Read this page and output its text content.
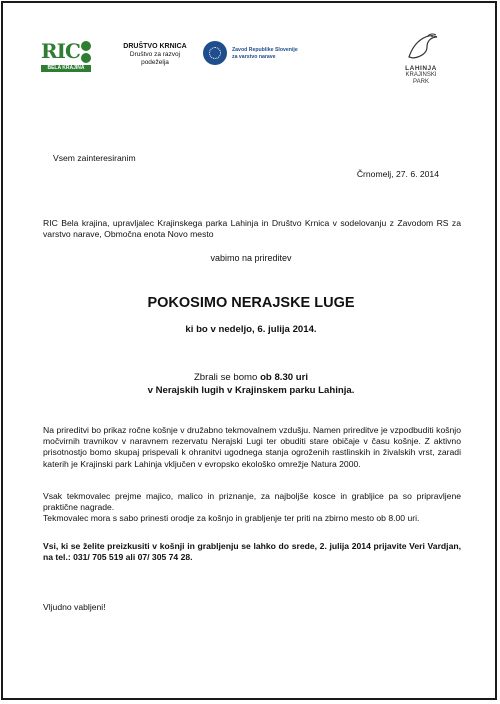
RIC
BELA KRAJINA
DRUŠTVO KRNICA
Društvo za razvoj
podeželja
Zavod Republike Slovenije
za varstvo narave
LAHINJA
KRAJINSKI
PARK
Vsem zainteresiranim
Črnomelj, 27. 6. 2014
RIC Bela krajina, upravljalec Krajinskega parka Lahinja in Društvo Krnica v sodelovanju z Zavodom RS za varstvo narave, Območna enota Novo mesto
vabimo na prireditev
POKOSIMO NERAJSKE LUGE
ki bo v nedeljo, 6. julija 2014.
Zbrali se bomo ob 8.30 uri
v Nerajskih lugih v Krajinskem parku Lahinja.
Na prireditvi bo prikaz ročne košnje v družabno tekmovalnem vzdušju. Namen prireditve je vzpodbuditi košnjo močvirnih travnikov v naravnem rezervatu Nerajski Lugi ter obuditi stare običaje v času košnje. Z aktivno prisotnostjo bomo skupaj prispevali k ohranitvi ugodnega stanja ogroženih rastlinskih in živalskih vrst, zaradi katerih je Krajinski park Lahinja vključen v evropsko ekološko omrežje Natura 2000.
Vsak tekmovalec prejme majico, malico in priznanje, za najboljše kosce in grabljice pa so pripravljene praktične nagrade.
Tekmovalec mora s sabo prinesti orodje za košnjo in grabljenje ter priti na zbirno mesto ob 8.00 uri.
Vsi, ki se želite preizkusiti v košnji in grabljenju se lahko do srede, 2. julija 2014 prijavite Veri Vardjan, na tel.: 031/ 705 519 ali 07/ 305 74 28.
Vljudno vabljeni!
